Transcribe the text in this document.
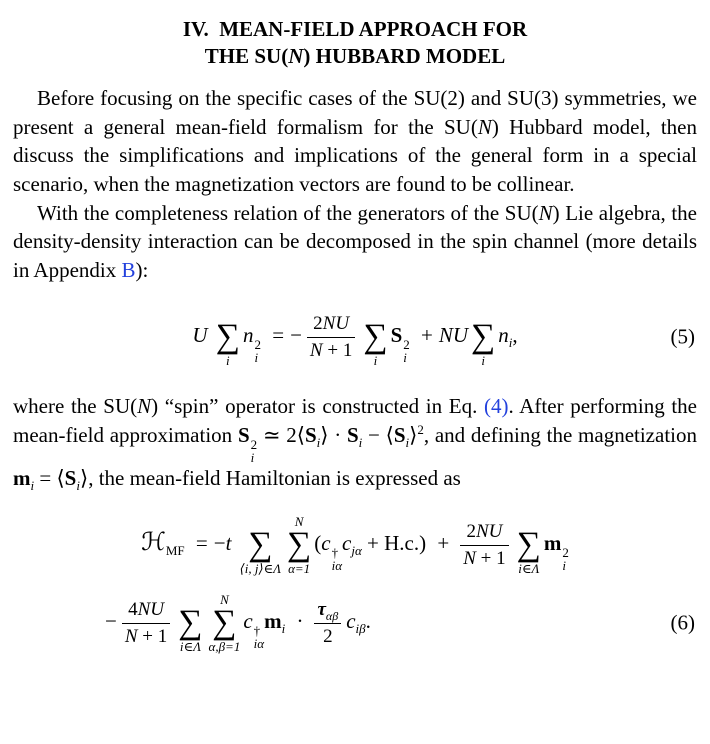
IV. MEAN-FIELD APPROACH FOR
THE SU(N) HUBBARD MODEL

Before focusing on the specific cases of the SU(2) and SU(3) symmetries, we present a general mean-field formalism for the SU(N) Hubbard model, then discuss the simplifications and implications of the general form in a special scenario, when the magnetization vectors are found to be collinear.

With the completeness relation of the generators of the SU(N) Lie algebra, the density-density interaction can be decomposed in the spin channel (more details in Appendix B):

U ∑
i
n 2
i
= − $\frac{2NU}{N + 1}$ ∑
i
S 2
i
+ NU ∑
i
$n_i$,	(5)

where the SU(N) “spin” operator is constructed in Eq. (4). After performing the mean-field approximation S 2
i
≃ $2⟨S_i⟩ \cdot S_i$ − $⟨S_i⟩^2$, and defining the magnetization $m_i$ = $⟨S_i⟩$, the mean-field Hamiltonian is expressed as

ℋ$_{MF}$ = −t ∑
⟨i, j⟩∈Λ
N
∑
α=1
(c †
iα
$c_{j\alpha} + H.c.) + \frac{2NU}{N + 1}$ ∑
i∈Λ
m 2
i
− $\frac{4NU}{N + 1}$ ∑
i∈Λ
N
∑
α,β=1
c †
iα
$m_i \cdot \frac{\tau_{\alpha\beta}}{2} c_{i\beta}$.	(6)
